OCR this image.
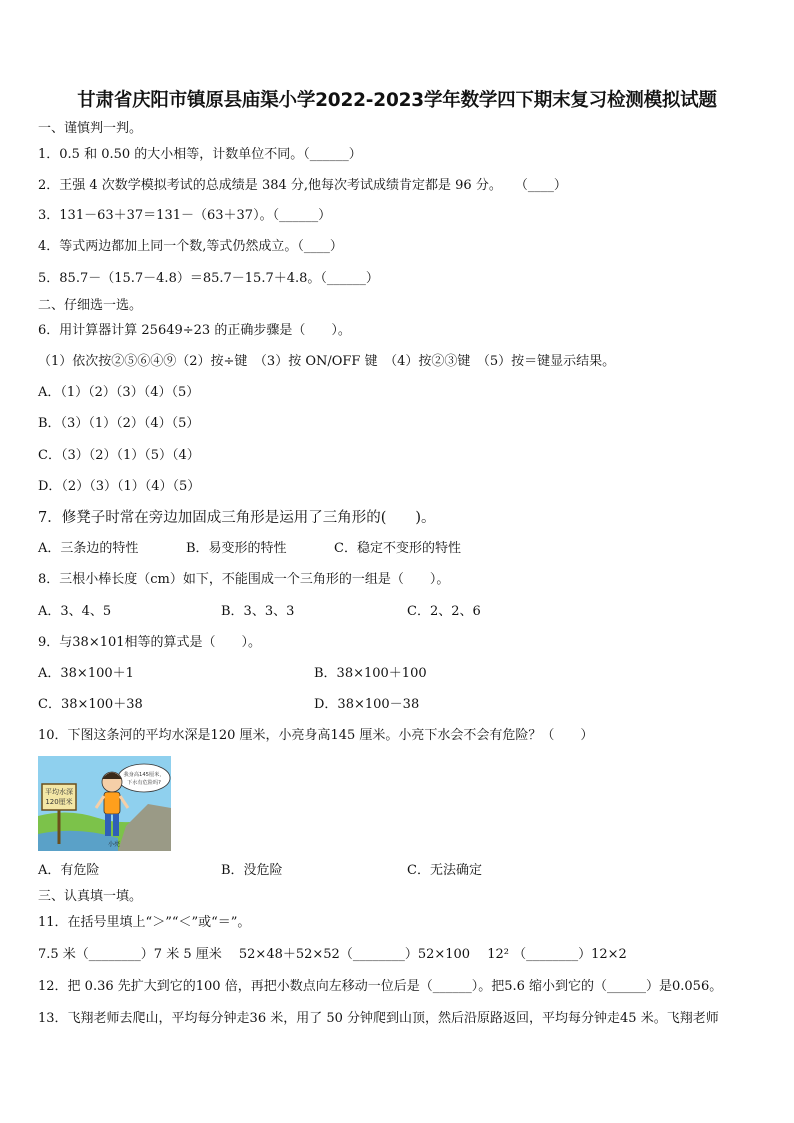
甘肃省庆阳市镇原县庙渠小学2022-2023学年数学四下期末复习检测模拟试题
一、谨慎判一判。
1．0.5 和 0.50 的大小相等，计数单位不同。（______）
2．王强 4 次数学模拟考试的总成绩是 384 分,他每次考试成绩肯定都是 96 分。　　（____）
3．131－63＋37＝131－（63＋37）。（______）
4．等式两边都加上同一个数,等式仍然成立。（____）
5．85.7－（15.7－4.8）＝85.7－15.7＋4.8。（______）
二、仔细选一选。
6．用计算器计算 25649÷23 的正确步骤是（　　）。
（1）依次按②⑤⑥④⑨（2）按÷键　（3）按 ON/OFF 键　（4）按②③键　（5）按＝键显示结果。
A．（1）（2）（3）（4）（5）
B．（3）（1）（2）（4）（5）
C．（3）（2）（1）（5）（4）
D．（2）（3）（1）（4）（5）
7．修凳子时常在旁边加固成三角形是运用了三角形的(　　)。
A．三条边的特性	B．易变形的特性	C．稳定不变形的特性
8．三根小棒长度（cm）如下，不能围成一个三角形的一组是（　　）。
A．3、4、5	B．3、3、3	C．2、2、6
9．与38×101相等的算式是（　　）。
A．38×100＋1	B．38×100＋100
C．38×100＋38	D．38×100－38
10．下图这条河的平均水深是120 厘米，小亮身高145 厘米。小亮下水会不会有危险？（　　）
平均水深
120厘米
我身高145厘米，
下水有危险吗?
小亮
A．有危险	B．没危险	C．无法确定
三、认真填一填。
11．在括号里填上“＞”“＜”或“＝”。
7.5 米（________）7 米 5 厘米　 52×48＋52×52（________）52×100　 12² （________）12×2
12．把 0.36 先扩大到它的100 倍，再把小数点向左移动一位后是（______）。把5.6 缩小到它的（______）是0.056。
13．飞翔老师去爬山，平均每分钟走36 米，用了 50 分钟爬到山顶，然后沿原路返回，平均每分钟走45 米。飞翔老师
